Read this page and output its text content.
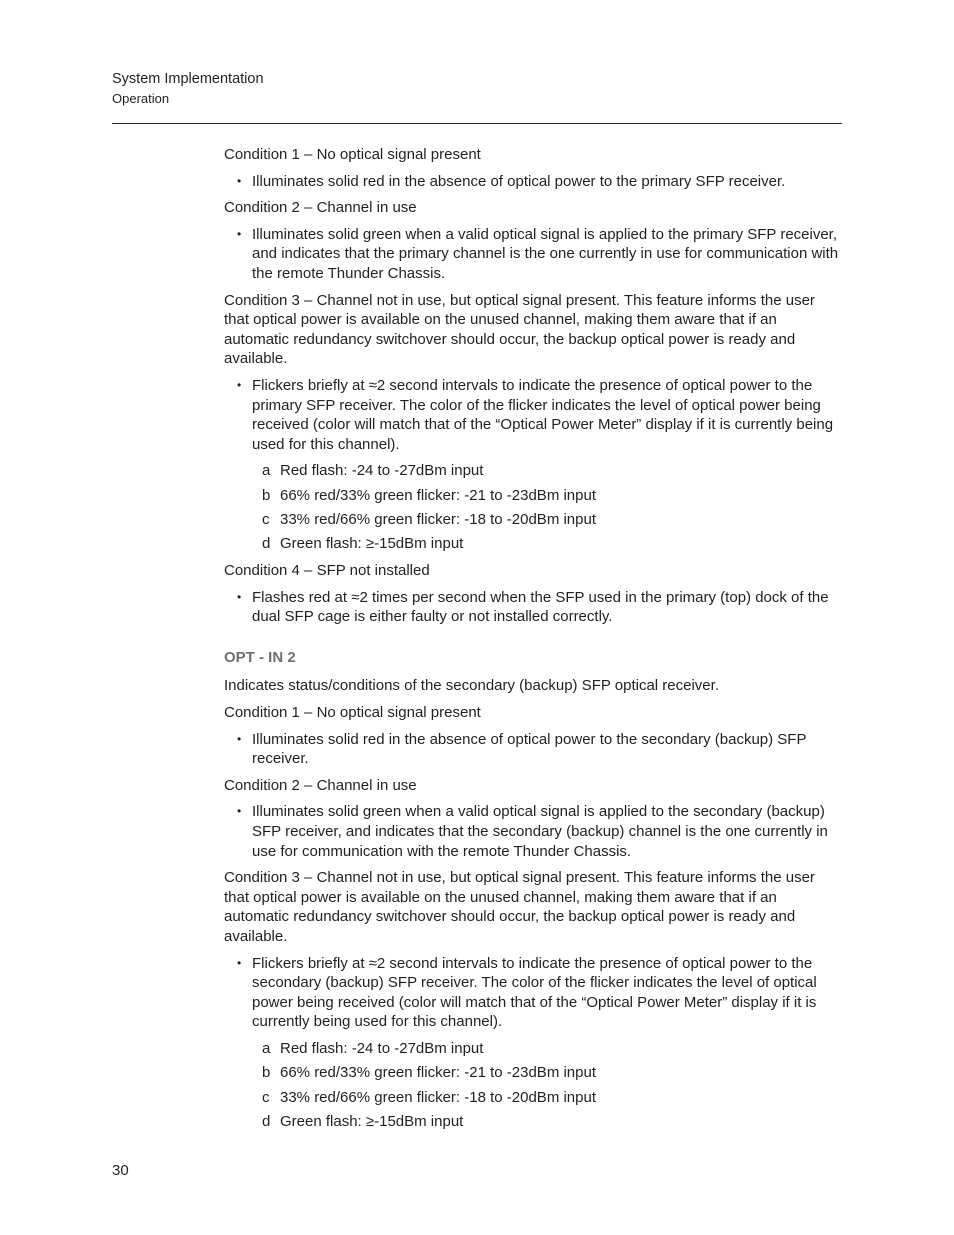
System Implementation
Operation

Condition 1 – No optical signal present

• Illuminates solid red in the absence of optical power to the primary SFP receiver.

Condition 2 – Channel in use

• Illuminates solid green when a valid optical signal is applied to the primary SFP receiver, and indicates that the primary channel is the one currently in use for communication with the remote Thunder Chassis.

Condition 3 – Channel not in use, but optical signal present. This feature informs the user that optical power is available on the unused channel, making them aware that if an automatic redundancy switchover should occur, the backup optical power is ready and available.

• Flickers briefly at ≈2 second intervals to indicate the presence of optical power to the primary SFP receiver. The color of the flicker indicates the level of optical power being received (color will match that of the “Optical Power Meter” display if it is currently being used for this channel).
a Red flash: -24 to -27dBm input
b 66% red/33% green flicker: -21 to -23dBm input
c 33% red/66% green flicker: -18 to -20dBm input
d Green flash: ≥-15dBm input

Condition 4 – SFP not installed

• Flashes red at ≈2 times per second when the SFP used in the primary (top) dock of the dual SFP cage is either faulty or not installed correctly.
OPT - IN 2

Indicates status/conditions of the secondary (backup) SFP optical receiver.

Condition 1 – No optical signal present

• Illuminates solid red in the absence of optical power to the secondary (backup) SFP receiver.

Condition 2 – Channel in use

• Illuminates solid green when a valid optical signal is applied to the secondary (backup) SFP receiver, and indicates that the secondary (backup) channel is the one currently in use for communication with the remote Thunder Chassis.

Condition 3 – Channel not in use, but optical signal present. This feature informs the user that optical power is available on the unused channel, making them aware that if an automatic redundancy switchover should occur, the backup optical power is ready and available.

• Flickers briefly at ≈2 second intervals to indicate the presence of optical power to the secondary (backup) SFP receiver. The color of the flicker indicates the level of optical power being received (color will match that of the “Optical Power Meter” display if it is currently being used for this channel).
a Red flash: -24 to -27dBm input
b 66% red/33% green flicker: -21 to -23dBm input
c 33% red/66% green flicker: -18 to -20dBm input
d Green flash: ≥-15dBm input
30
